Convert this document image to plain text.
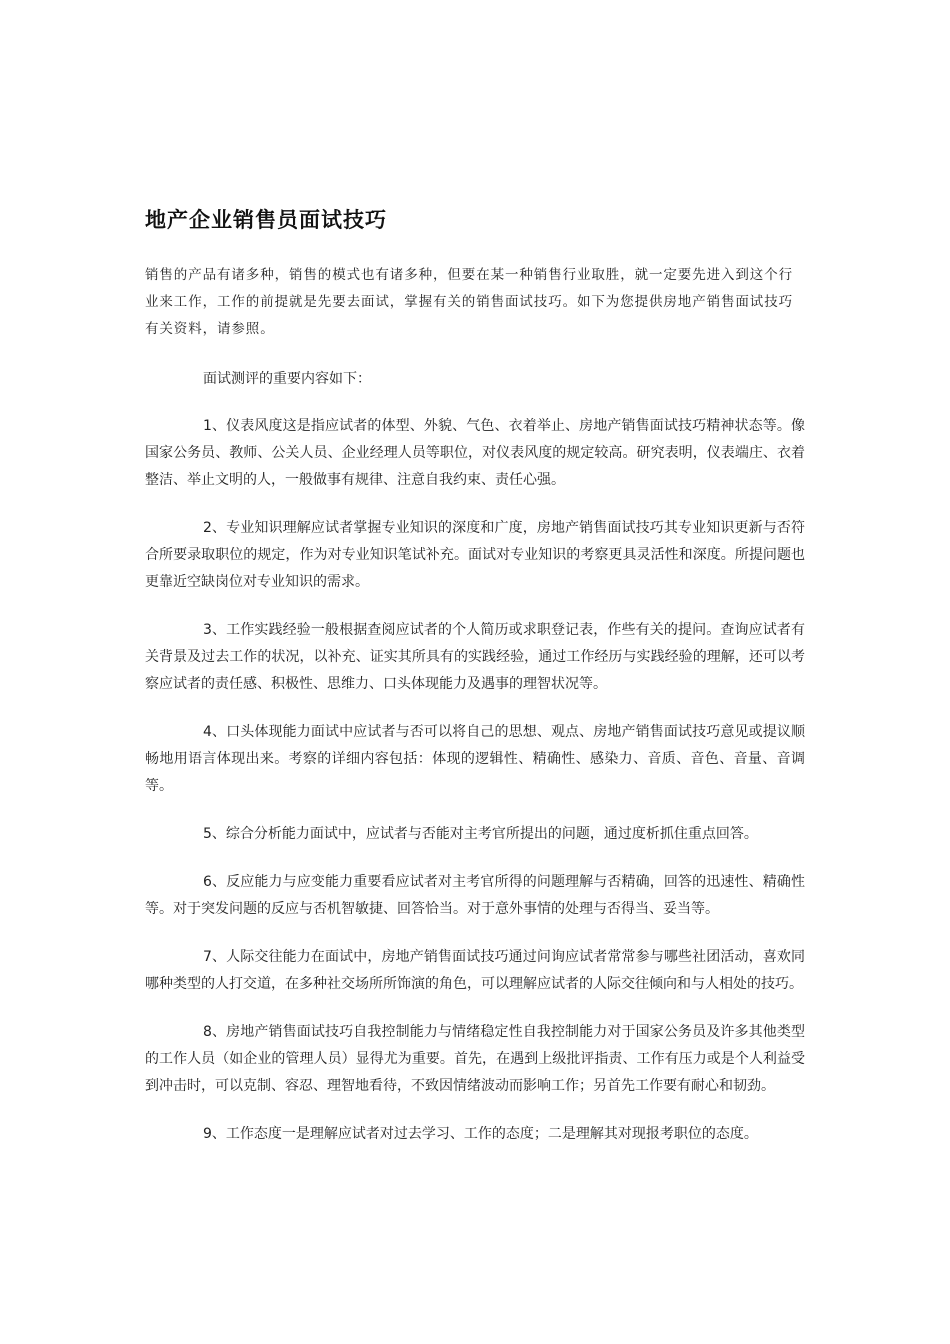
地产企业销售员面试技巧

销售的产品有诸多种，销售的模式也有诸多种，但要在某一种销售行业取胜，就一定要先进入到这个行业来工作，工作的前提就是先要去面试，掌握有关的销售面试技巧。如下为您提供房地产销售面试技巧有关资料，请参照。

面试测评的重要内容如下：

1、仪表风度这是指应试者的体型、外貌、气色、衣着举止、房地产销售面试技巧精神状态等。像国家公务员、教师、公关人员、企业经理人员等职位，对仪表风度的规定较高。研究表明，仪表端庄、衣着整洁、举止文明的人，一般做事有规律、注意自我约束、责任心强。

2、专业知识理解应试者掌握专业知识的深度和广度，房地产销售面试技巧其专业知识更新与否符合所要录取职位的规定，作为对专业知识笔试补充。面试对专业知识的考察更具灵活性和深度。所提问题也更靠近空缺岗位对专业知识的需求。

3、工作实践经验一般根据查阅应试者的个人简历或求职登记表，作些有关的提问。查询应试者有关背景及过去工作的状况，以补充、证实其所具有的实践经验，通过工作经历与实践经验的理解，还可以考察应试者的责任感、积极性、思维力、口头体现能力及遇事的理智状况等。

4、口头体现能力面试中应试者与否可以将自己的思想、观点、房地产销售面试技巧意见或提议顺畅地用语言体现出来。考察的详细内容包括：体现的逻辑性、精确性、感染力、音质、音色、音量、音调等。

5、综合分析能力面试中，应试者与否能对主考官所提出的问题，通过度析抓住重点回答。

6、反应能力与应变能力重要看应试者对主考官所得的问题理解与否精确，回答的迅速性、精确性等。对于突发问题的反应与否机智敏捷、回答恰当。对于意外事情的处理与否得当、妥当等。

7、人际交往能力在面试中，房地产销售面试技巧通过问询应试者常常参与哪些社团活动，喜欢同哪种类型的人打交道，在多种社交场所所饰演的角色，可以理解应试者的人际交往倾向和与人相处的技巧。

8、房地产销售面试技巧自我控制能力与情绪稳定性自我控制能力对于国家公务员及许多其他类型的工作人员（如企业的管理人员）显得尤为重要。首先，在遇到上级批评指责、工作有压力或是个人利益受到冲击时，可以克制、容忍、理智地看待，不致因情绪波动而影响工作；另首先工作要有耐心和韧劲。

9、工作态度一是理解应试者对过去学习、工作的态度；二是理解其对现报考职位的态度。
